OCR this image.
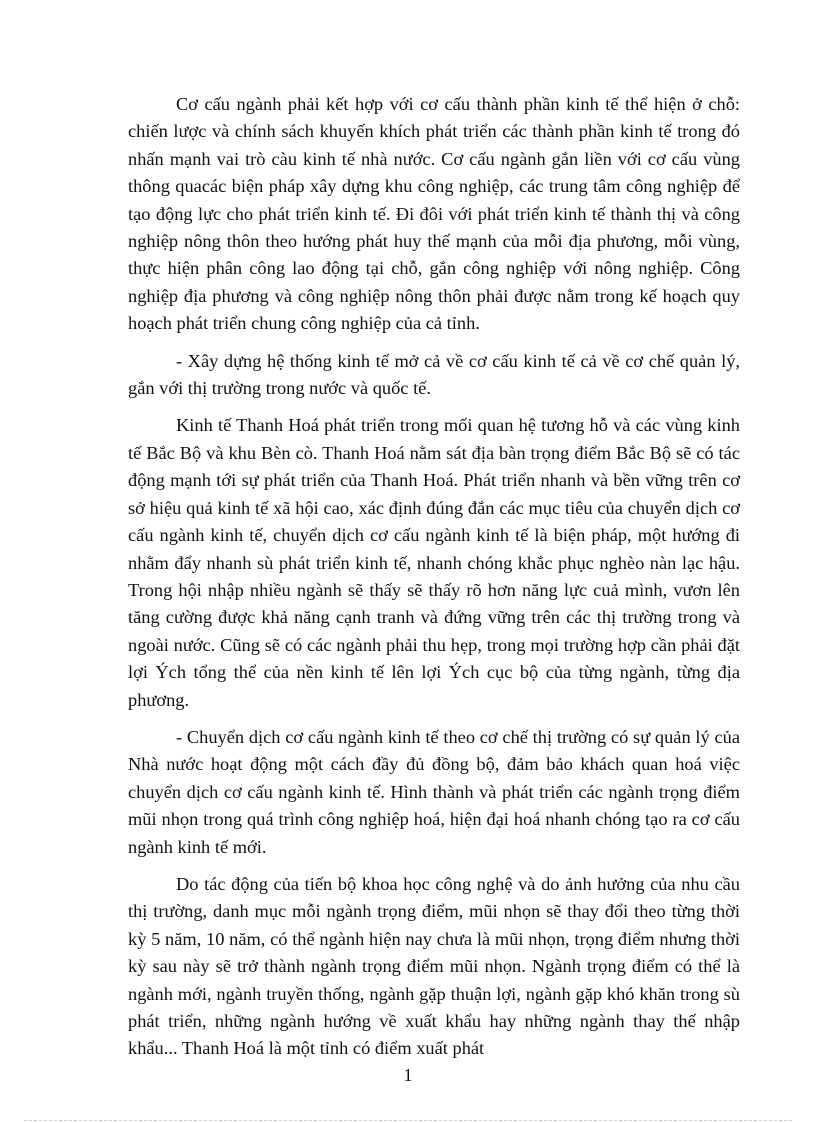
Cơ cấu ngành phải kết hợp với cơ cấu thành phần kinh tế thể hiện ở chỗ: chiến lược và chính sách khuyến khích phát triển các thành phần kinh tế trong đó nhấn mạnh vai trò càu kinh tế nhà nước. Cơ cấu ngành gắn liền với cơ cấu vùng thông quacác biện pháp xây dựng khu công nghiệp, các trung tâm công nghiệp để tạo động lực cho phát triển kinh tế. Đi đôi với phát triển kinh tế thành thị và công nghiệp nông thôn theo hướng phát huy thế mạnh của mỗi địa phương, mỗi vùng, thực hiện phân công lao động tại chỗ, gắn công nghiệp với nông nghiệp. Công nghiệp địa phương và công nghiệp nông thôn phải được nằm trong kế hoạch quy hoạch phát triển chung công nghiệp của cả tỉnh.

- Xây dựng hệ thống kinh tế mở cả về cơ cấu kinh tế cả về cơ chế quản lý, gắn với thị trường trong nước và quốc tế.

Kinh tế Thanh Hoá phát triển trong mối quan hệ tương hỗ và các vùng kinh tế Bắc Bộ và khu Bèn cò. Thanh Hoá nằm sát địa bàn trọng điểm Bắc Bộ sẽ có tác động mạnh tới sự phát triển của Thanh Hoá. Phát triển nhanh và bền vững trên cơ sở hiệu quả kinh tế xã hội cao, xác định đúng đắn các mục tiêu của chuyển dịch cơ cấu ngành kinh tế, chuyển dịch cơ cấu ngành kinh tế là biện pháp, một hướng đi nhằm đẩy nhanh sù phát triển kinh tế, nhanh chóng khắc phục nghèo nàn lạc hậu. Trong hội nhập nhiều ngành sẽ thấy sẽ thấy rõ hơn năng lực cuả mình, vươn lên tăng cường được khả năng cạnh tranh và đứng vững trên các thị trường trong và ngoài nước. Cũng sẽ có các ngành phải thu hẹp, trong mọi trường hợp cần phải đặt lợi Ých tổng thể của nền kinh tế lên lợi Ých cục bộ của từng ngành, từng địa phương.

- Chuyển dịch cơ cấu ngành kinh tế theo cơ chế thị trường có sự quản lý của Nhà nước hoạt động một cách đầy đủ đồng bộ, đảm bảo khách quan hoá việc chuyển dịch cơ cấu ngành kinh tế. Hình thành và phát triển các ngành trọng điểm mũi nhọn trong quá trình công nghiệp hoá, hiện đại hoá nhanh chóng tạo ra cơ cấu ngành kinh tế mới.

Do tác động của tiến bộ khoa học công nghệ và do ảnh hưởng của nhu cầu thị trường, danh mục mỗi ngành trọng điểm, mũi nhọn sẽ thay đổi theo từng thời kỳ 5 năm, 10 năm, có thể ngành hiện nay chưa là mũi nhọn, trọng điểm nhưng thời kỳ sau này sẽ trở thành ngành trọng điểm mũi nhọn. Ngành trọng điểm có thể là ngành mới, ngành truyền thống, ngành gặp thuận lợi, ngành gặp khó khăn trong sù phát triển, những ngành hướng về xuất khẩu hay những ngành thay thế nhập khẩu... Thanh Hoá là một tỉnh có điểm xuất phát

1
